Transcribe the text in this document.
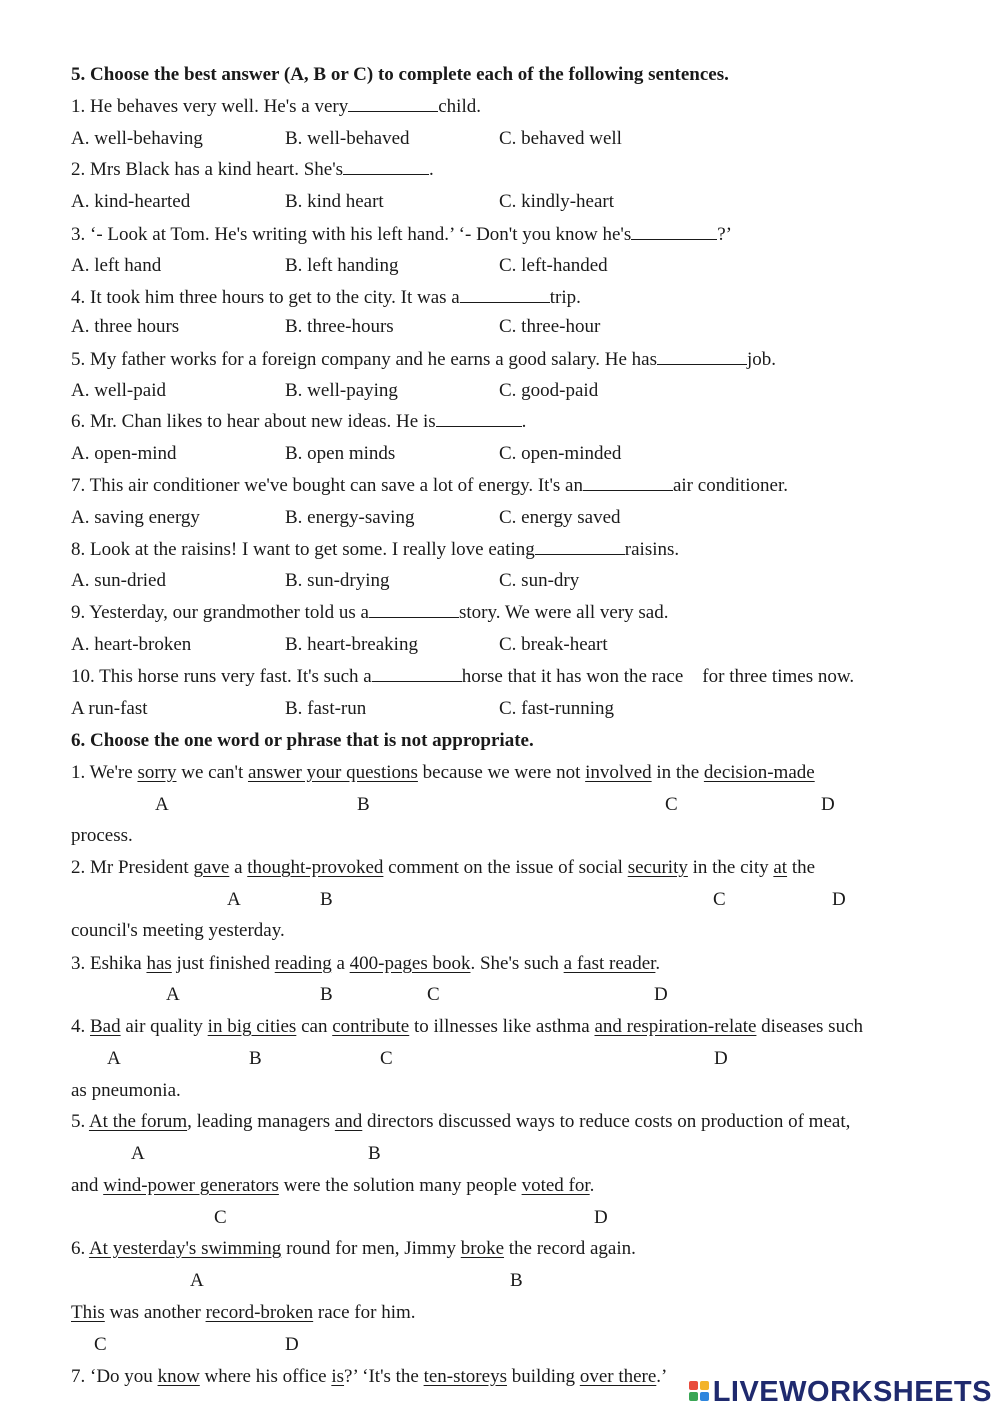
5. Choose the best answer (A, B or C) to complete each of the following sentences.
1. He behaves very well. He's a very	child.
A. well-behaving	B. well-behaved	C. behaved well
2. Mrs Black has a kind heart. She's	.
A. kind-hearted	B. kind heart	C. kindly-heart
3. ‘- Look at Tom. He's writing with his left hand.’ ‘- Don't you know he's	?’
A. left hand	B. left handing	C. left-handed
4. It took him three hours to get to the city. It was a	trip.
A. three hours	B. three-hours	C. three-hour
5. My father works for a foreign company and he earns a good salary. He has	job.
A. well-paid	B. well-paying	C. good-paid
6. Mr. Chan likes to hear about new ideas. He is	.
A. open-mind	B. open minds	C. open-minded
7. This air conditioner we've bought can save a lot of energy. It's an	air conditioner.
A. saving energy	B. energy-saving	C. energy saved
8. Look at the raisins! I want to get some. I really love eating	raisins.
A. sun-dried	B. sun-drying	C. sun-dry
9. Yesterday, our grandmother told us a	story. We were all very sad.
A. heart-broken	B. heart-breaking	C. break-heart
10. This horse runs very fast. It's such a	horse that it has won the race    for three times now.
A run-fast	B. fast-run	C. fast-running
6. Choose the one word or phrase that is not appropriate.
1. We're sorry we can't answer your questions because we were not involved in the decision-made
A	B	C	D
process.
2. Mr President gave a thought-provoked comment on the issue of social security in the city at the
A	B	C	D
council's meeting yesterday.
3. Eshika has just finished reading a 400-pages book. She's such a fast reader.
A	B	C	D
4. Bad air quality in big cities can contribute to illnesses like asthma and respiration-relate diseases such
A	B	C	D
as pneumonia.
5. At the forum, leading managers and directors discussed ways to reduce costs on production of meat,
A	B
and wind-power generators were the solution many people voted for.
C	D
6. At yesterday's swimming round for men, Jimmy broke the record again.
A	B
This was another record-broken race for him.
C	D
7. ‘Do you know where his office is?’ ‘It's the ten-storeys building over there.’ LIVEWORKSHEETS
